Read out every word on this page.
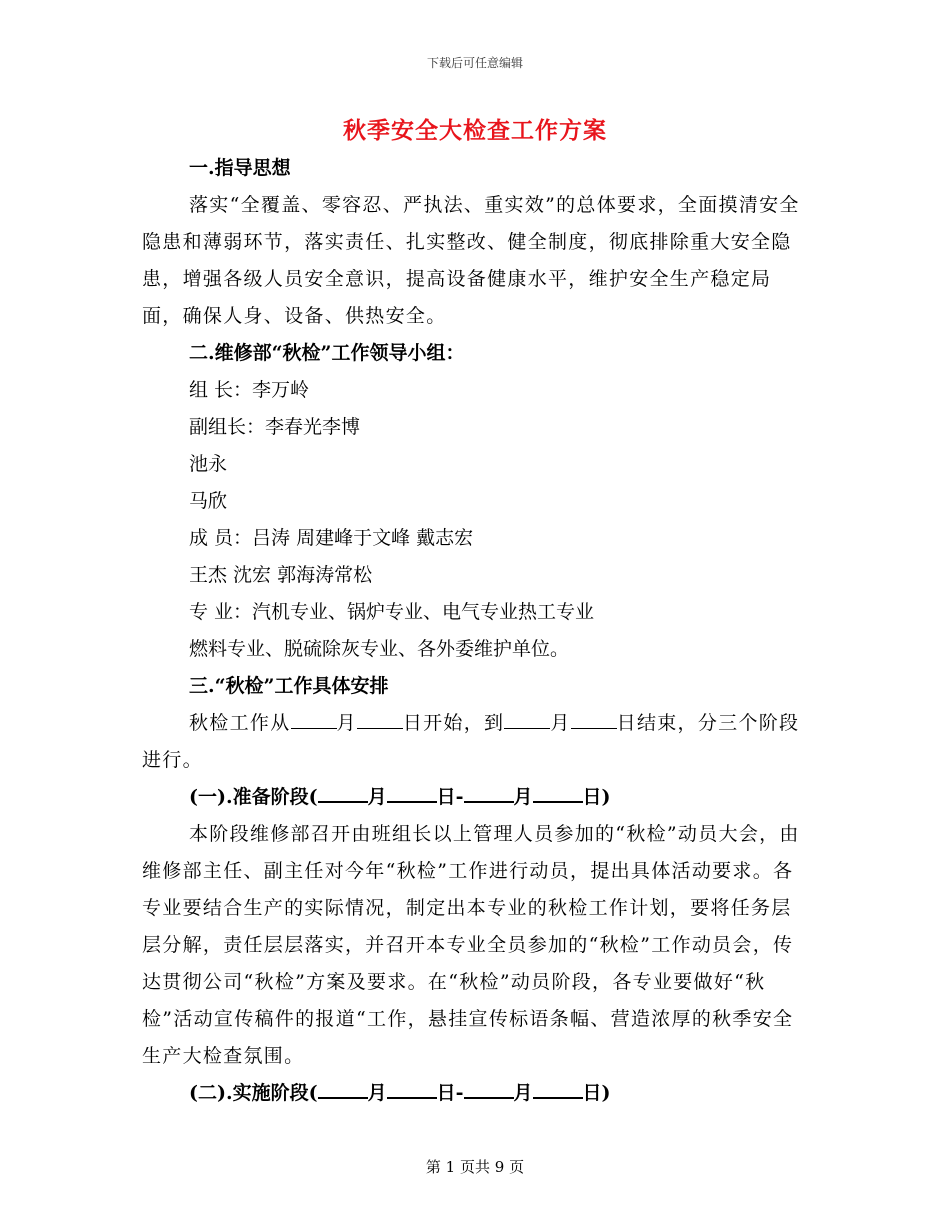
下载后可任意编辑
秋季安全大检查工作方案

一.指导思想

落实“全覆盖、零容忍、严执法、重实效”的总体要求，全面摸清安全隐患和薄弱环节，落实责任、扎实整改、健全制度，彻底排除重大安全隐患，增强各级人员安全意识，提高设备健康水平，维护安全生产稳定局面，确保人身、设备、供热安全。

二.维修部“秋检”工作领导小组：

组 长：李万岭

副组长：李春光李博

池永

马欣

成 员：吕涛 周建峰于文峰 戴志宏

王杰 沈宏 郭海涛常松

专 业：汽机专业、锅炉专业、电气专业热工专业

燃料专业、脱硫除灰专业、各外委维护单位。

三.“秋检”工作具体安排

秋检工作从 月 日开始，到 月 日结束，分三个阶段进行。

(一).准备阶段(	月	日-	月	日)

本阶段维修部召开由班组长以上管理人员参加的“秋检”动员大会，由维修部主任、副主任对今年“秋检”工作进行动员，提出具体活动要求。各专业要结合生产的实际情况，制定出本专业的秋检工作计划，要将任务层层分解，责任层层落实，并召开本专业全员参加的“秋检”工作动员会，传达贯彻公司“秋检”方案及要求。在“秋检”动员阶段，各专业要做好“秋检”活动宣传稿件的报道“工作，悬挂宣传标语条幅、营造浓厚的秋季安全生产大检查氛围。

(二).实施阶段(	月	日-	月	日)

第 1 页共 9 页
